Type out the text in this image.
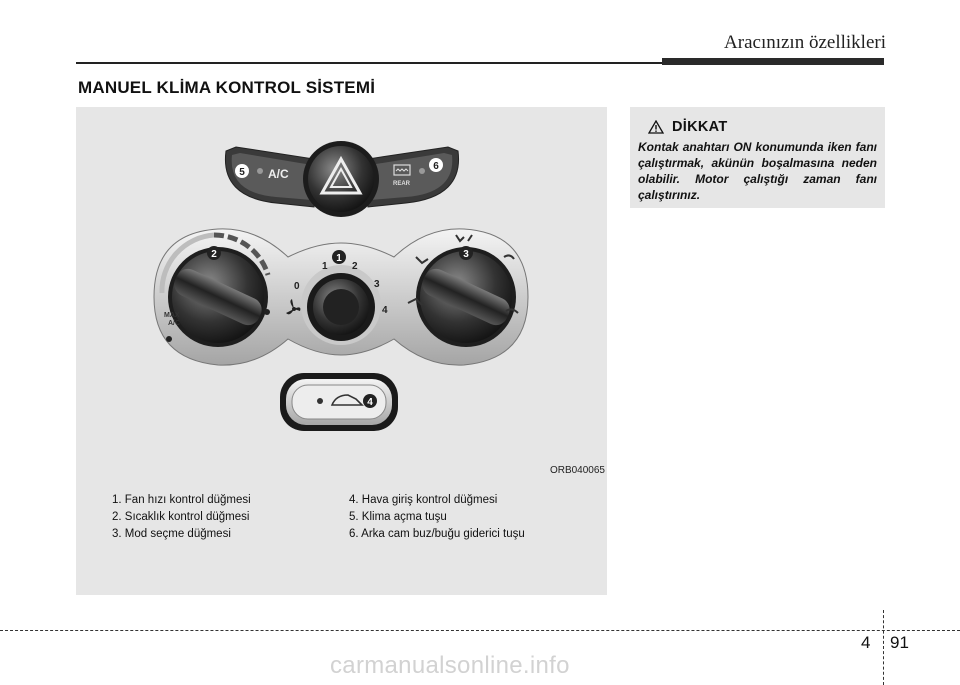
Aracınızın özellikleri
MANUEL KLİMA KONTROL SİSTEMİ
A/C
REAR
MAX
A/C
0
1 2
3
4
1
2	3
4
5
6
ORB040065
1. Fan hızı kontrol düğmesi
2. Sıcaklık kontrol düğmesi
3. Mod seçme düğmesi
4. Hava giriş kontrol düğmesi
5. Klima açma tuşu
6. Arka cam buz/buğu giderici tuşu
DİKKAT

Kontak anahtarı ON konumunda iken fanı çalıştırmak, akünün boşalmasına neden olabilir. Motor çalıştığı zaman fanı çalıştırınız.

4 91
carmanualsonline.info
